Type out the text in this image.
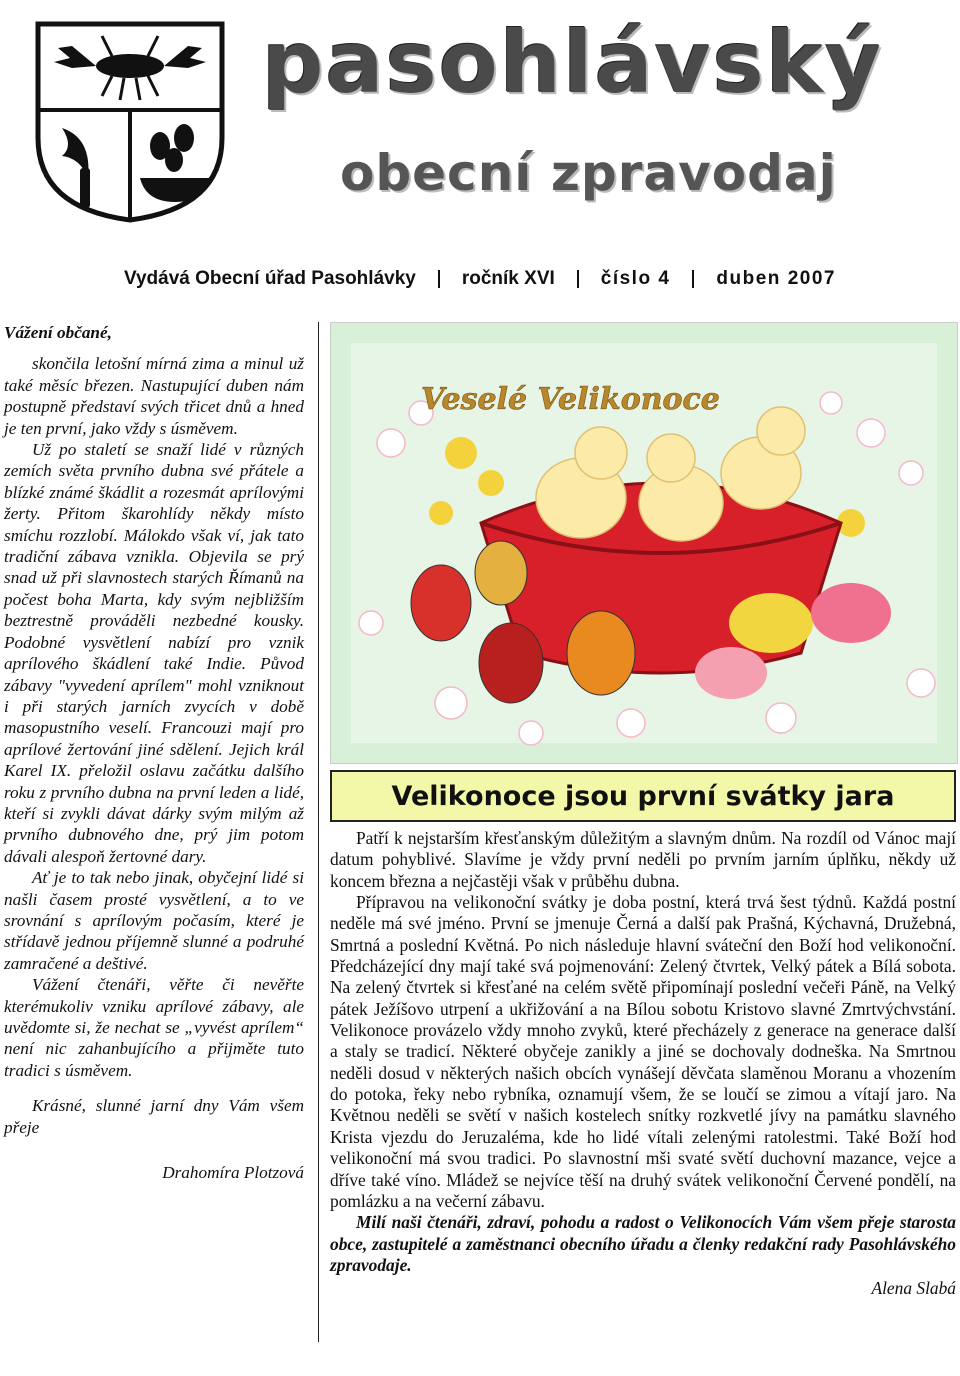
pasohlávský
obecní zpravodaj
Vydává Obecní úřad Pasohlávky ročník XVI číslo 4 duben 2007

Vážení občané,

skončila letošní mírná zima a minul už také měsíc březen. Nastupující duben nám postupně představí svých třicet dnů a hned je ten první, jako vždy s úsměvem.

Už po staletí se snaží lidé v různých zemích světa prvního dubna své přátele a blízké známé škádlit a rozesmát aprílovými žerty. Přitom škarohlídy někdy místo smíchu rozzlobí. Málokdo však ví, jak tato tradiční zábava vznikla. Objevila se prý snad už při slavnostech starých Římanů na počest boha Marta, kdy svým nejbližším beztrestně prováděli nezbedné kousky. Podobné vysvětlení nabízí pro vznik aprílového škádlení také Indie. Původ zábavy "vyvedení aprílem" mohl vzniknout i při starých jarních zvycích v době masopustního veselí. Francouzi mají pro aprílové žertování jiné sdělení. Jejich král Karel IX. přeložil oslavu začátku dalšího roku z prvního dubna na první leden a lidé, kteří si zvykli dávat dárky svým milým až prvního dubnového dne, prý jim potom dávali alespoň žertovné dary.

Ať je to tak nebo jinak, obyčejní lidé si našli časem prosté vysvětlení, a to ve srovnání s aprílovým počasím, které je střídavě jednou příjemně slunné a podruhé zamračené a deštivé.

Vážení čtenáři, věřte či nevěřte kterémukoliv vzniku aprílové zábavy, ale uvědomte si, že nechat se „vyvést aprílem“ není nic zahanbujícího a přijměte tuto tradici s úsměvem.

Krásné, slunné jarní dny Vám všem přeje

Drahomíra Plotzová

Veselé Velikonoce
Velikonoce jsou první svátky jara

Patří k nejstarším křesťanským důležitým a slavným dnům. Na rozdíl od Vánoc mají datum pohyblivé. Slavíme je vždy první neděli po prvním jarním úplňku, někdy už koncem března a nejčastěji však v průběhu dubna.

Přípravou na velikonoční svátky je doba postní, která trvá šest týdnů. Každá postní neděle má své jméno. První se jmenuje Černá a další pak Prašná, Kýchavná, Družebná, Smrtná a poslední Květná. Po nich následuje hlavní sváteční den Boží hod velikonoční. Předcházející dny mají také svá pojmenování: Zelený čtvrtek, Velký pátek a Bílá sobota. Na zelený čtvrtek si křesťané na celém světě připomínají poslední večeři Páně, na Velký pátek Ježíšovo utrpení a ukřižování a na Bílou sobotu Kristovo slavné Zmrtvýchvstání. Velikonoce provázelo vždy mnoho zvyků, které přecházely z generace na generace další a staly se tradicí. Některé obyčeje zanikly a jiné se dochovaly dodneška. Na Smrtnou neděli dosud v některých našich obcích vynášejí děvčata slaměnou Moranu a vhozením do potoka, řeky nebo rybníka, oznamují všem, že se loučí se zimou a vítají jaro. Na Květnou neděli se světí v našich kostelech snítky rozkvetlé jívy na památku slavného Krista vjezdu do Jeruzaléma, kde ho lidé vítali zelenými ratolestmi. Také Boží hod velikonoční má svou tradici. Po slavnostní mši svaté světí duchovní mazance, vejce a dříve také víno. Mládež se nejvíce těší na druhý svátek velikonoční Červené pondělí, na pomlázku a na večerní zábavu.

Milí naši čtenáři, zdraví, pohodu a radost o Velikonocích Vám všem přeje starosta obce, zastupitelé a zaměstnanci obecního úřadu a členky redakční rady Pasohlávského zpravodaje.

Alena Slabá
